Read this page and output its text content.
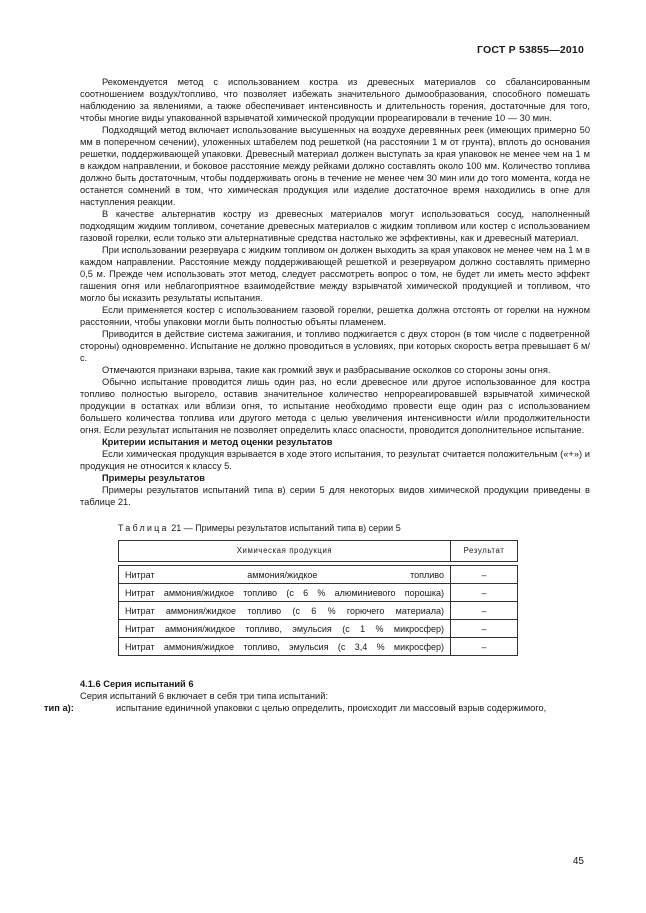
ГОСТ Р 53855—2010

Рекомендуется метод с использованием костра из древесных материалов со сбалансированным соотношением воздух/топливо, что позволяет избежать значительного дымообразования, способного помешать наблюдению за явлениями, а также обеспечивает интенсивность и длительность горения, достаточные для того, чтобы многие виды упакованной взрывчатой химической продукции прореагировали в течение 10 — 30 мин.

Подходящий метод включает использование высушенных на воздухе деревянных реек (имеющих примерно 50 мм в поперечном сечении), уложенных штабелем под решеткой (на расстоянии 1 м от грунта), вплоть до основания решетки, поддерживающей упаковки. Древесный материал должен выступать за края упаковок не менее чем на 1 м в каждом направлении, и боковое расстояние между рейками должно составлять около 100 мм. Количество топлива должно быть достаточным, чтобы поддерживать огонь в течение не менее чем 30 мин или до того момента, когда не останется сомнений в том, что химическая продукция или изделие достаточное время находились в огне для наступления реакции.

В качестве альтернатив костру из древесных материалов могут использоваться сосуд, наполненный подходящим жидким топливом, сочетание древесных материалов с жидким топливом или костер с использованием газовой горелки, если только эти альтернативные средства настолько же эффективны, как и древесный материал.

При использовании резервуара с жидким топливом он должен выходить за края упаковок не менее чем на 1 м в каждом направлении. Расстояние между поддерживающей решеткой и резервуаром должно составлять примерно 0,5 м. Прежде чем использовать этот метод, следует рассмотреть вопрос о том, не будет ли иметь место эффект гашения огня или неблагоприятное взаимодействие между взрывчатой химической продукцией и топливом, что могло бы исказить результаты испытания.

Если применяется костер с использованием газовой горелки, решетка должна отстоять от горелки на нужном расстоянии, чтобы упаковки могли быть полностью объяты пламенем.

Приводится в действие система зажигания, и топливо поджигается с двух сторон (в том числе с подветренной стороны) одновременно. Испытание не должно проводиться в условиях, при которых скорость ветра превышает 6 м/с.

Отмечаются признаки взрыва, такие как громкий звук и разбрасывание осколков со стороны зоны огня.

Обычно испытание проводится лишь один раз, но если древесное или другое использованное для костра топливо полностью выгорело, оставив значительное количество непрореагировавшей взрывчатой химической продукции в остатках или вблизи огня, то испытание необходимо провести еще один раз с использованием большего количества топлива или другого метода с целью увеличения интенсивности и/или продолжительности огня. Если результат испытания не позволяет определить класс опасности, проводится дополнительное испытание.

Критерии испытания и метод оценки результатов

Если химическая продукция взрывается в ходе этого испытания, то результат считается положительным («+») и продукция не относится к классу 5.

Примеры результатов

Примеры результатов испытаний типа в) серии 5 для некоторых видов химической продукции приведены в таблице 21.

Таблица 21 — Примеры результатов испытаний типа в) серии 5
Химическая продукция	Результат

Нитрат аммония/жидкое топливо	–
Нитрат аммония/жидкое топливо (с 6 % алюминиевого порошка)	–
Нитрат аммония/жидкое топливо (с 6 % горючего материала)	–
Нитрат аммония/жидкое топливо, эмульсия (с 1 % микросфер)	–
Нитрат аммония/жидкое топливо, эмульсия (с 3,4 % микросфер)	–

4.1.6 Серия испытаний 6

Серия испытаний 6 включает в себя три типа испытаний:

тип а):	испытание единичной упаковки с целью определить, происходит ли массовый взрыв содержимого,

45
